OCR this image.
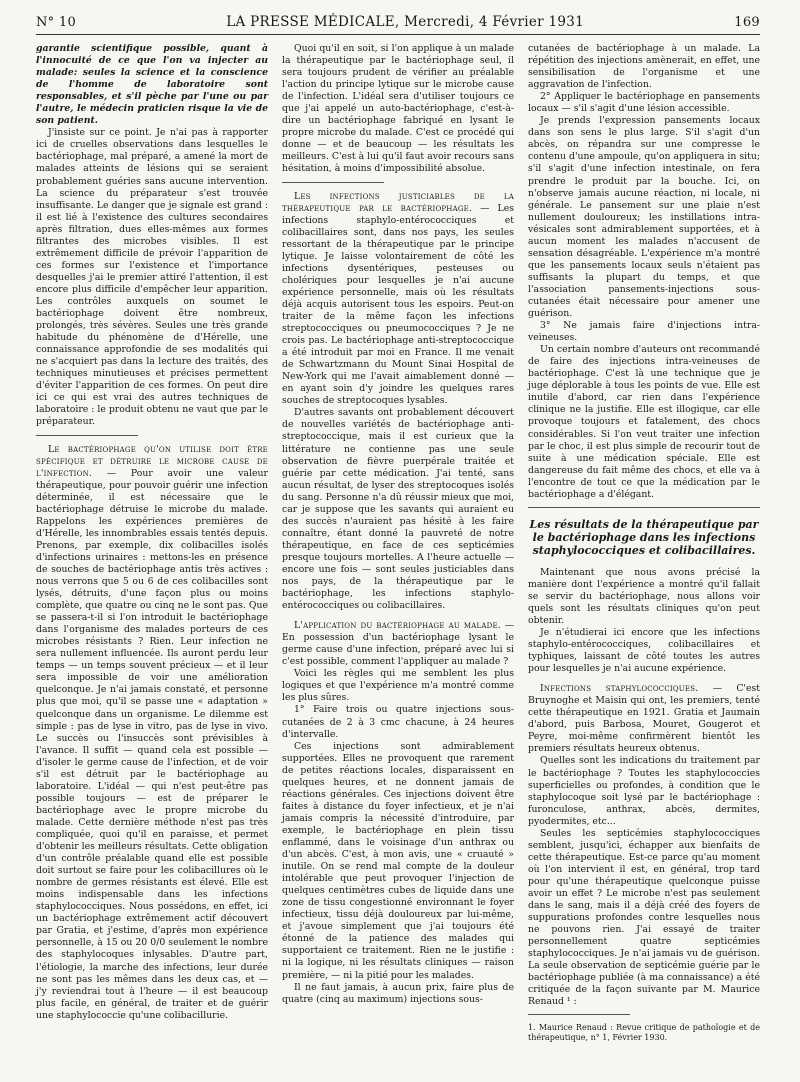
N° 10	LA PRESSE MÉDICALE, Mercredi, 4 Février 1931	169

garantie scientifique possible, quant à l'innocuité de ce que l'on va injecter au malade: seules la science et la conscience de l'homme de laboratoire sont responsables, et s'il pèche par l'une ou par l'autre, le médecin praticien risque la vie de son patient.

J'insiste sur ce point. Je n'ai pas à rapporter ici de cruelles observations dans lesquelles le bactériophage, mal préparé, a amené la mort de malades atteints de lésions qui se seraient probablement guéries sans aucune intervention. La science du préparateur s'est trouvée insuffisante. Le danger que je signale est grand : il est lié à l'existence des cultures secondaires après filtration, dues elles-mêmes aux formes filtrantes des microbes visibles. Il est extrêmement difficile de prévoir l'apparition de ces formes sur l'existence et l'importance desquelles j'ai le premier attiré l'attention, il est encore plus difficile d'empêcher leur apparition. Les contrôles auxquels on soumet le bactériophage doivent être nombreux, prolongés, très sévères. Seules une très grande habitude du phénomène de d'Hérelle, une connaissance approfondie de ses modalités qui ne s'acquiert pas dans la lecture des traités, des techniques minutieuses et précises permettent d'éviter l'apparition de ces formes. On peut dire ici ce qui est vrai des autres techniques de laboratoire : le produit obtenu ne vaut que par le préparateur.

Le bactériophage qu'on utilise doit être spécifique et détruire le microbe cause de l'infection. — Pour avoir une valeur thérapeutique, pour pouvoir guérir une infection déterminée, il est nécessaire que le bactériophage détruise le microbe du malade. Rappelons les expériences premières de d'Hérelle, les innombrables essais tentés depuis. Prenons, par exemple, dix colibacilles isolés d'infections urinaires : mettons-les en présence de souches de bactériophage antis très actives : nous verrons que 5 ou 6 de ces colibacilles sont lysés, détruits, d'une façon plus ou moins complète, que quatre ou cinq ne le sont pas. Que se passera-t-il si l'on introduit le bactériophage dans l'organisme des malades porteurs de ces microbes résistants ? Rien. Leur infection ne sera nullement influencée. Ils auront perdu leur temps — un temps souvent précieux — et il leur sera impossible de voir une amélioration quelconque. Je n'ai jamais constaté, et personne plus que moi, qu'il se passe une « adaptation » quelconque dans un organisme. Le dilemme est simple : pas de lyse in vitro, pas de lyse in vivo. Le succès ou l'insuccès sont prévisibles à l'avance. Il suffit — quand cela est possible — d'isoler le germe cause de l'infection, et de voir s'il est détruit par le bactériophage au laboratoire. L'idéal — qui n'est peut-être pas possible toujours — est de préparer le bactériophage avec le propre microbe du malade. Cette dernière méthode n'est pas très compliquée, quoi qu'il en paraisse, et permet d'obtenir les meilleurs résultats. Cette obligation d'un contrôle préalable quand elle est possible doit surtout se faire pour les colibacillures où le nombre de germes résistants est élevé. Elle est moins indispensable dans les infections staphylococciques. Nous possédons, en effet, ici un bactériophage extrêmement actif découvert par Gratia, et j'estime, d'après mon expérience personnelle, à 15 ou 20 0/0 seulement le nombre des staphylocoques inlysables. D'autre part, l'étiologie, la marche des infections, leur durée ne sont pas les mêmes dans les deux cas, et — j'y reviendrai tout à l'heure — il est beaucoup plus facile, en général, de traiter et de guérir une staphylococcie qu'une colibacillurie.

Quoi qu'il en soit, si l'on applique à un malade la thérapeutique par le bactériophage seul, il sera toujours prudent de vérifier au préalable l'action du principe lytique sur le microbe cause de l'infection. L'idéal sera d'utiliser toujours ce que j'ai appelé un auto-bactériophage, c'est-à-dire un bactériophage fabriqué en lysant le propre microbe du malade. C'est ce procédé qui donne — et de beaucoup — les résultats les meilleurs. C'est à lui qu'il faut avoir recours sans hésitation, à moins d'impossibilité absolue.

Les infections justiciables de la thérapeutique par le bactériophage. — Les infections staphylo-entérococciques et colibacillaires sont, dans nos pays, les seules ressortant de la thérapeutique par le principe lytique. Je laisse volontairement de côté les infections dysentériques, pesteuses ou cholériques pour lesquelles je n'ai aucune expérience personnelle, mais où les résultats déjà acquis autorisent tous les espoirs. Peut-on traiter de la même façon les infections streptococciques ou pneumococciques ? Je ne crois pas. Le bactériophage anti-streptococcique a été introduit par moi en France. Il me venait de Schwartzmann du Mount Sinai Hospital de New-York qui me l'avait aimablement donné — en ayant soin d'y joindre les quelques rares souches de streptocoques lysables.

D'autres savants ont probablement découvert de nouvelles variétés de bactériophage anti-streptococcique, mais il est curieux que la littérature ne contienne pas une seule observation de fièvre puerpérale traitée et guérie par cette médication. J'ai tenté, sans aucun résultat, de lyser des streptocoques isolés du sang. Personne n'a dû réussir mieux que moi, car je suppose que les savants qui auraient eu des succès n'auraient pas hésité à les faire connaître, étant donné la pauvreté de notre thérapeutique, en face de ces septicémies presque toujours mortelles. A l'heure actuelle — encore une fois — sont seules justiciables dans nos pays, de la thérapeutique par le bactériophage, les infections staphylo-entérococciques ou colibacillaires.

L'application du bactériophage au malade. — En possession d'un bactériophage lysant le germe cause d'une infection, préparé avec lui si c'est possible, comment l'appliquer au malade ?

Voici les règles qui me semblent les plus logiques et que l'expérience m'a montré comme les plus sûres.

1° Faire trois ou quatre injections sous-cutanées de 2 à 3 cmc chacune, à 24 heures d'intervalle.

Ces injections sont admirablement supportées. Elles ne provoquent que rarement de petites réactions locales, disparaissent en quelques heures, et ne donnent jamais de réactions générales. Ces injections doivent être faites à distance du foyer infectieux, et je n'ai jamais compris la nécessité d'introduire, par exemple, le bactériophage en plein tissu enflammé, dans le voisinage d'un anthrax ou d'un abcès. C'est, à mon avis, une « cruauté » inutile. On se rend mal compte de la douleur intolérable que peut provoquer l'injection de quelques centimètres cubes de liquide dans une zone de tissu congestionné environnant le foyer infectieux, tissu déjà douloureux par lui-même, et j'avoue simplement que j'ai toujours été étonné de la patience des malades qui supportaient ce traitement. Rien ne le justifie : ni la logique, ni les résultats cliniques — raison première, — ni la pitié pour les malades.

Il ne faut jamais, à aucun prix, faire plus de quatre (cinq au maximum) injections sous-

cutanées de bactériophage à un malade. La répétition des injections amènerait, en effet, une sensibilisation de l'organisme et une aggravation de l'infection.

2° Appliquer le bactériophage en pansements locaux — s'il s'agit d'une lésion accessible.

Je prends l'expression pansements locaux dans son sens le plus large. S'il s'agit d'un abcès, on répandra sur une compresse le contenu d'une ampoule, qu'on appliquera in situ; s'il s'agit d'une infection intestinale, on fera prendre le produit par la bouche. Ici, on n'observe jamais aucune réaction, ni locale, ni générale. Le pansement sur une plaie n'est nullement douloureux; les instillations intra-vésicales sont admirablement supportées, et à aucun moment les malades n'accusent de sensation désagréable. L'expérience m'a montré que les pansements locaux seuls n'étaient pas suffisants la plupart du temps, et que l'association pansements-injections sous-cutanées était nécessaire pour amener une guérison.

3° Ne jamais faire d'injections intra-veineuses.

Un certain nombre d'auteurs ont recommandé de faire des injections intra-veineuses de bactériophage. C'est là une technique que je juge déplorable à tous les points de vue. Elle est inutile d'abord, car rien dans l'expérience clinique ne la justifie. Elle est illogique, car elle provoque toujours et fatalement, des chocs considérables. Si l'on veut traiter une infection par le choc, il est plus simple de recourir tout de suite à une médication spéciale. Elle est dangereuse du fait même des chocs, et elle va à l'encontre de tout ce que la médication par le bactériophage a d'élégant.

Les résultats de la thérapeutique par le bactériophage dans les infections staphylococciques et colibacillaires.

Maintenant que nous avons précisé la manière dont l'expérience a montré qu'il fallait se servir du bactériophage, nous allons voir quels sont les résultats cliniques qu'on peut obtenir.

Je n'étudierai ici encore que les infections staphylo-entérococciques, colibacillaires et typhiques, laissant de côté toutes les autres pour lesquelles je n'ai aucune expérience.

Infections staphylococciques. — C'est Bruynoghe et Maisin qui ont, les premiers, tenté cette thérapeutique en 1921. Gratia et Jaumain d'abord, puis Barbosa, Mouret, Gougerot et Peyre, moi-même confirmèrent bientôt les premiers résultats heureux obtenus.

Quelles sont les indications du traitement par le bactériophage ? Toutes les staphylococcies superficielles ou profondes, à condition que le staphylocoque soit lysé par le bactériophage : furonculose, anthrax, abcès, dermites, pyodermites, etc...

Seules les septicémies staphylococciques semblent, jusqu'ici, échapper aux bienfaits de cette thérapeutique. Est-ce parce qu'au moment où l'on intervient il est, en général, trop tard pour qu'une thérapeutique quelconque puisse avoir un effet ? Le microbe n'est pas seulement dans le sang, mais il a déjà créé des foyers de suppurations profondes contre lesquelles nous ne pouvons rien. J'ai essayé de traiter personnellement quatre septicémies staphylococciques. Je n'ai jamais vu de guérison. La seule observation de septicémie guérie par le bactériophage publiée (à ma connaissance) a été critiquée de la façon suivante par M. Maurice Renaud ¹ :

1. Maurice Renaud : Revue critique de pathologie et de thérapeutique, n° 1, Février 1930.
